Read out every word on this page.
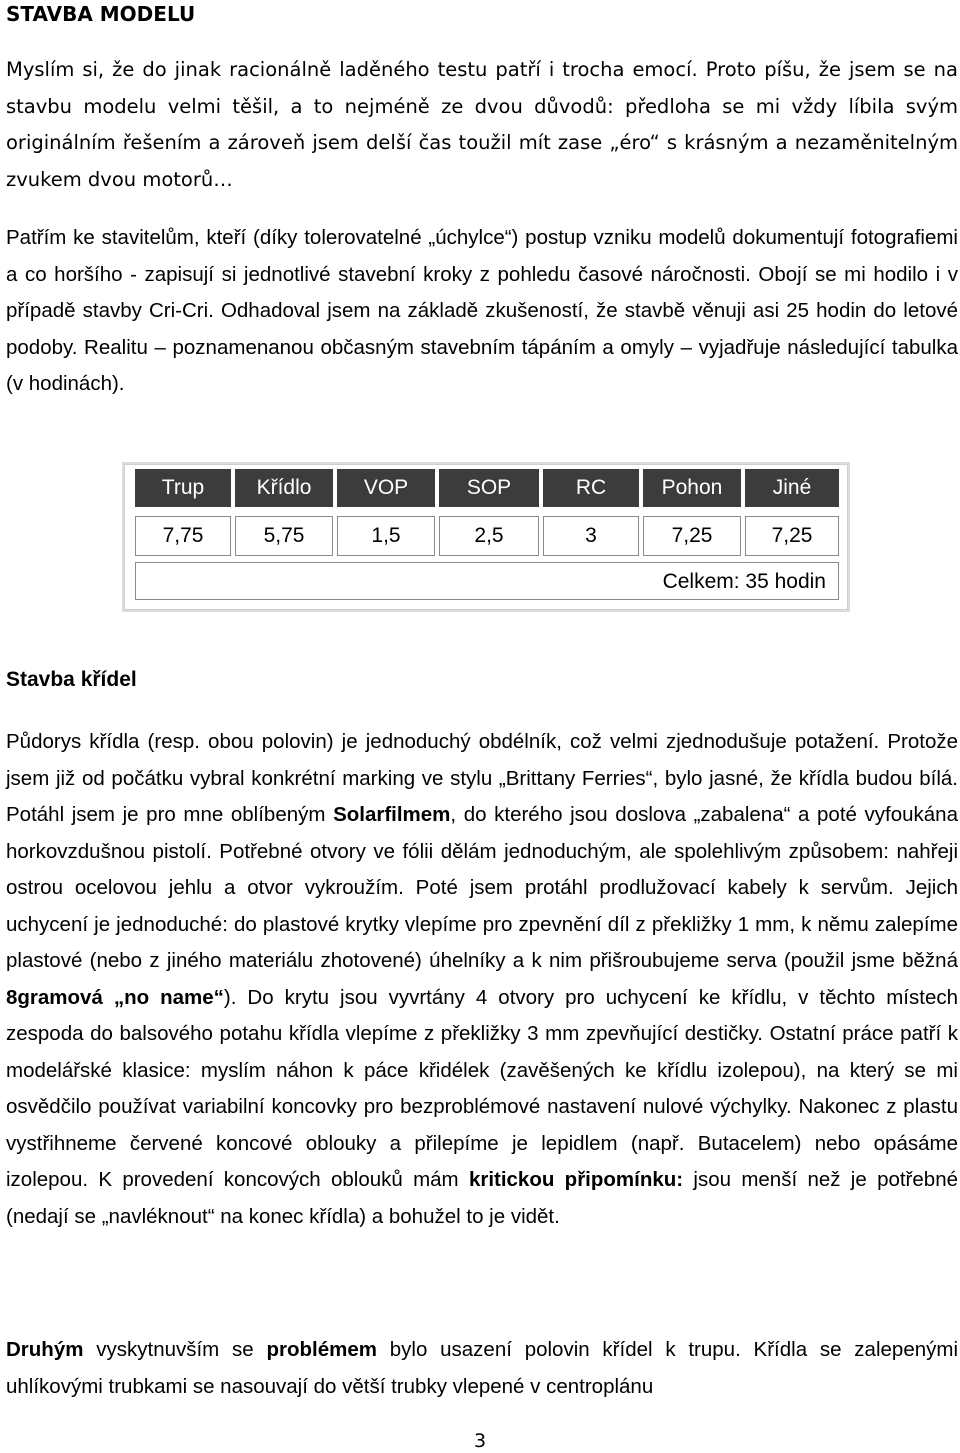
STAVBA MODELU
Myslím si, že do jinak racionálně laděného testu patří i trocha emocí. Proto píšu, že jsem se na stavbu modelu velmi těšil, a to nejméně ze dvou důvodů: předloha se mi vždy líbila svým originálním řešením a zároveň jsem delší čas toužil mít zase „éro“ s krásným a nezaměnitelným zvukem dvou motorů…
Patřím ke stavitelům, kteří (díky tolerovatelné „úchylce“) postup vzniku modelů dokumentují fotografiemi a co horšího - zapisují si jednotlivé stavební kroky z pohledu časové náročnosti. Obojí se mi hodilo i v případě stavby Cri-Cri. Odhadoval jsem na základě zkušeností, že stavbě věnuji asi 25 hodin do letové podoby. Realitu – poznamenanou občasným stavebním tápáním a omyly – vyjadřuje následující tabulka (v hodinách).
Trup	Křídlo	VOP	SOP	RC	Pohon	Jiné
7,75	5,75	1,5	2,5	3	7,25	7,25
Celkem: 35 hodin
Stavba křídel
Půdorys křídla (resp. obou polovin) je jednoduchý obdélník, což velmi zjednodušuje potažení. Protože jsem již od počátku vybral konkrétní marking ve stylu „Brittany Ferries“, bylo jasné, že křídla budou bílá. Potáhl jsem je pro mne oblíbeným Solarfilmem, do kterého jsou doslova „zabalena“ a poté vyfoukána horkovzdušnou pistolí. Potřebné otvory ve fólii dělám jednoduchým, ale spolehlivým způsobem: nahřeji ostrou ocelovou jehlu a otvor vykroužím. Poté jsem protáhl prodlužovací kabely k servům. Jejich uchycení je jednoduché: do plastové krytky vlepíme pro zpevnění díl z překližky 1 mm, k němu zalepíme plastové (nebo z jiného materiálu zhotovené) úhelníky a k nim přišroubujeme serva (použil jsme běžná 8gramová „no name“). Do krytu jsou vyvrtány 4 otvory pro uchycení ke křídlu, v těchto místech zespoda do balsového potahu křídla vlepíme z překližky 3 mm zpevňující destičky. Ostatní práce patří k modelářské klasice: myslím náhon k páce křidélek (zavěšených ke křídlu izolepou), na který se mi osvědčilo používat variabilní koncovky pro bezproblémové nastavení nulové výchylky. Nakonec z plastu vystřihneme červené koncové oblouky a přilepíme je lepidlem (např. Butacelem) nebo opásáme izolepou. K provedení koncových oblouků mám kritickou připomínku: jsou menší než je potřebné (nedají se „navléknout“ na konec křídla) a bohužel to je vidět.
Druhým vyskytnuvším se problémem bylo usazení polovin křídel k trupu. Křídla se zalepenými uhlíkovými trubkami se nasouvají do větší trubky vlepené v centroplánu
3
